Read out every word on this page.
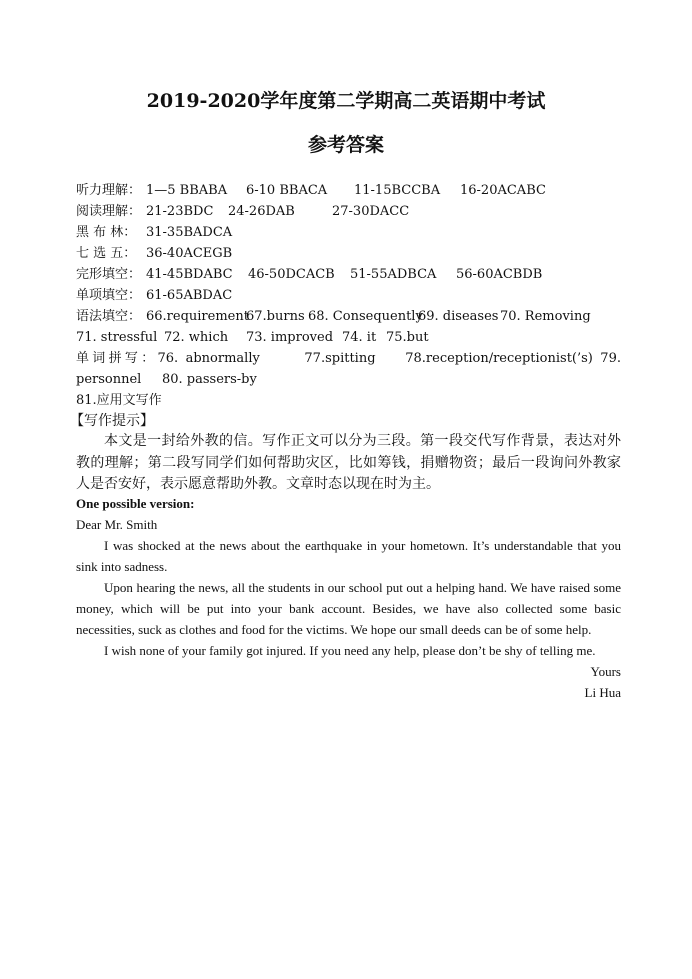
2019-2020学年度第二学期高二英语期中考试
参考答案
听力理解： 1—5 BBABA 6-10 BBACA 11-15BCCBA 16-20ACABC
阅读理解： 21-23BDC 24-26DAB	27-30DACC
黑 布 林： 31-35BADCA
七 选 五： 36-40ACEGB
完形填空： 41-45BDABC 46-50DCACB 51-55ADBCA 56-60ACBDB
单项填空： 61-65ABDAC
语法填空： 66.requirement
67.burns 68. Consequently
69. diseases 70. Removing
71. stressful 72. which 73. improved 74. it 75.but
单词拼写：76. abnormally      77.spitting    78.reception/receptionist(’s) 79. personnel     80. passers-by
81.应用文写作
【写作提示】
本文是一封给外教的信。写作正文可以分为三段。第一段交代写作背景，表达对外教的理解；第二段写同学们如何帮助灾区，比如筹钱，捐赠物资；最后一段询问外教家人是否安好，表示愿意帮助外教。文章时态以现在时为主。
One possible version:

Dear Mr. Smith

I was shocked at the news about the earthquake in your hometown. It’s understandable that you sink into sadness.

Upon hearing the news, all the students in our school put out a helping hand. We have raised some money, which will be put into your bank account. Besides, we have also collected some basic necessities, suck as clothes and food for the victims. We hope our small deeds can be of some help.

I wish none of your family got injured. If you need any help, please don’t be shy of telling me.

Yours

Li Hua
